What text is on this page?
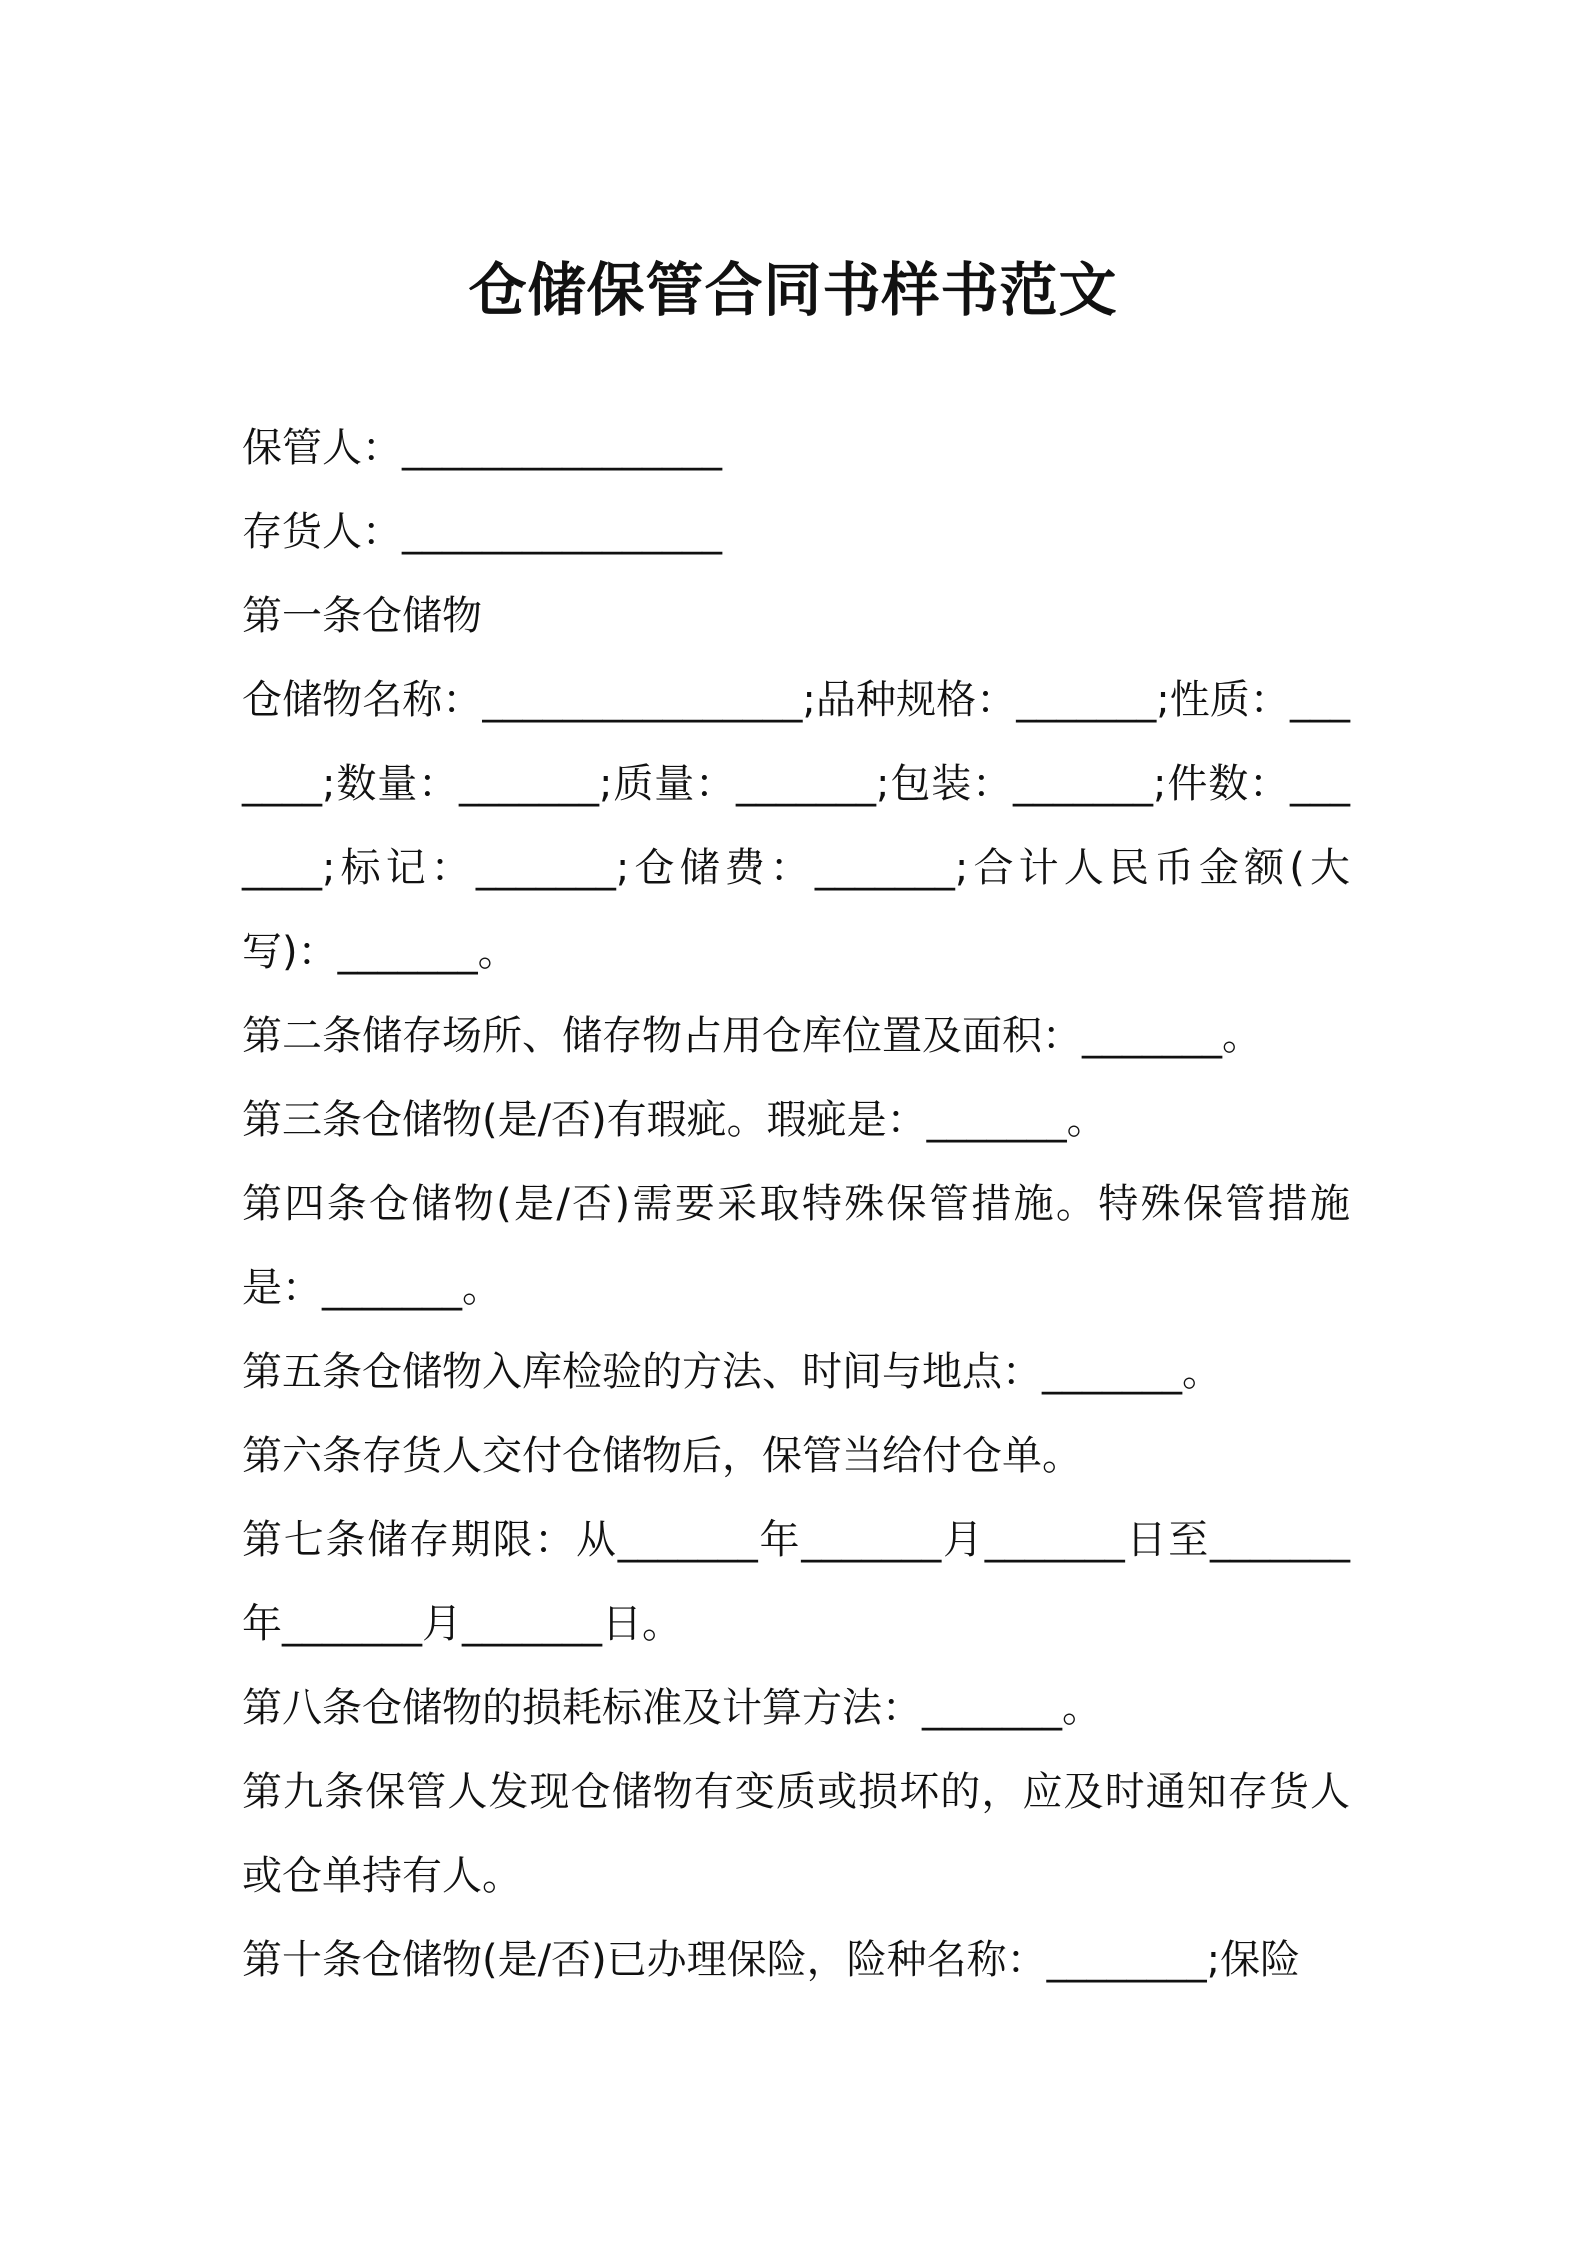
仓储保管合同书样书范文

保管人：________________

存货人：________________

第一条仓储物

仓储物名称：________________;品种规格：_______;性质：_______;数量：_______;质量：_______;包装：_______;件数：_______;标记：_______;仓储费：_______;合计人民币金额(大写)：_______。

第二条储存场所、储存物占用仓库位置及面积：_______。

第三条仓储物(是/否)有瑕疵。瑕疵是：_______。

第四条仓储物(是/否)需要采取特殊保管措施。特殊保管措施是：_______。

第五条仓储物入库检验的方法、时间与地点：_______。

第六条存货人交付仓储物后，保管当给付仓单。

第七条储存期限：从_______年_______月_______日至_______年_______月_______日。

第八条仓储物的损耗标准及计算方法：_______。

第九条保管人发现仓储物有变质或损坏的，应及时通知存货人或仓单持有人。

第十条仓储物(是/否)已办理保险，险种名称：________;保险
